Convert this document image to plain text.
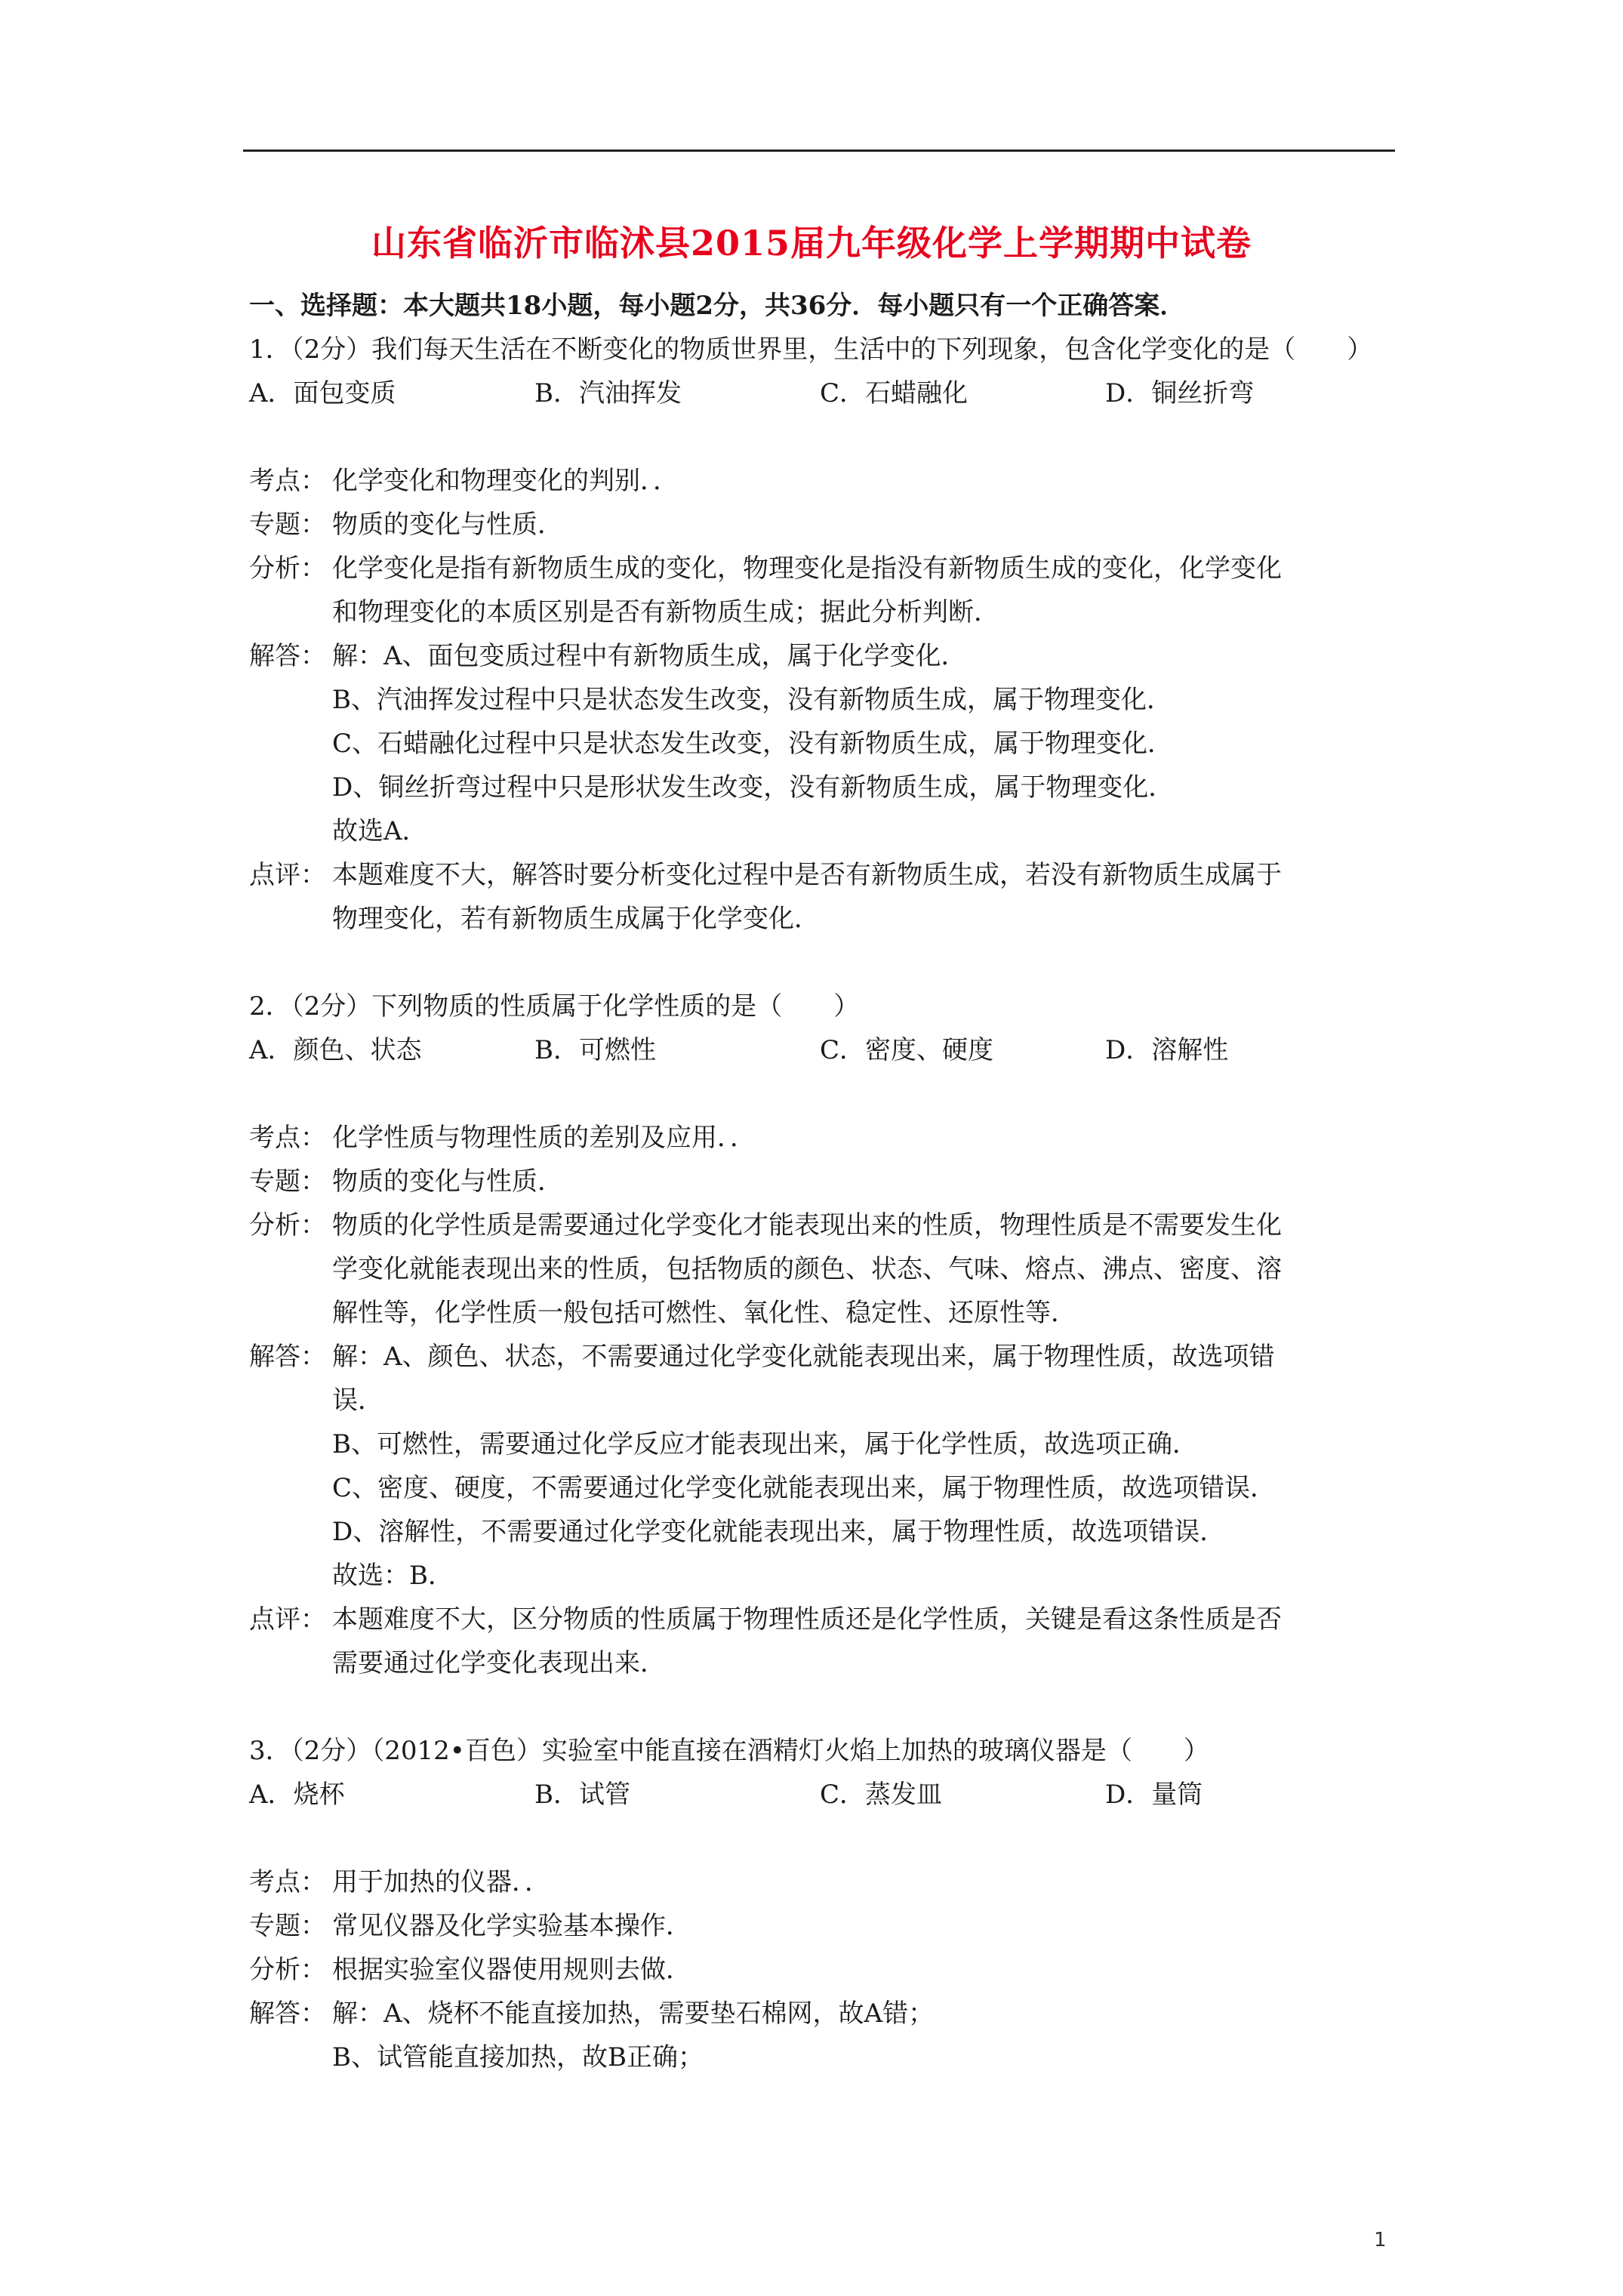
山东省临沂市临沭县2015届九年级化学上学期期中试卷
一、选择题：本大题共18小题，每小题2分，共36分．每小题只有一个正确答案．
1．（2分）我们每天生活在不断变化的物质世界里，生活中的下列现象，包含化学变化的是（　　）
A．面包变质	B．汽油挥发	C．石蜡融化	D．铜丝折弯
考点： 化学变化和物理变化的判别．．
专题： 物质的变化与性质．
分析： 化学变化是指有新物质生成的变化，物理变化是指没有新物质生成的变化，化学变化
和物理变化的本质区别是否有新物质生成；据此分析判断．
解答： 解：A、面包变质过程中有新物质生成，属于化学变化．
B、汽油挥发过程中只是状态发生改变，没有新物质生成，属于物理变化．
C、石蜡融化过程中只是状态发生改变，没有新物质生成，属于物理变化．
D、铜丝折弯过程中只是形状发生改变，没有新物质生成，属于物理变化．
故选A．
点评： 本题难度不大，解答时要分析变化过程中是否有新物质生成，若没有新物质生成属于
物理变化，若有新物质生成属于化学变化．
2．（2分）下列物质的性质属于化学性质的是（　　）
A．颜色、状态	B．可燃性	C．密度、硬度	D．溶解性
考点： 化学性质与物理性质的差别及应用．．
专题： 物质的变化与性质．
分析： 物质的化学性质是需要通过化学变化才能表现出来的性质，物理性质是不需要发生化
学变化就能表现出来的性质，包括物质的颜色、状态、气味、熔点、沸点、密度、溶
解性等，化学性质一般包括可燃性、氧化性、稳定性、还原性等．
解答： 解：A、颜色、状态，不需要通过化学变化就能表现出来，属于物理性质，故选项错
误．
B、可燃性，需要通过化学反应才能表现出来，属于化学性质，故选项正确．
C、密度、硬度，不需要通过化学变化就能表现出来，属于物理性质，故选项错误．
D、溶解性，不需要通过化学变化就能表现出来，属于物理性质，故选项错误．
故选：B．
点评： 本题难度不大，区分物质的性质属于物理性质还是化学性质，关键是看这条性质是否
需要通过化学变化表现出来．
3．（2分）（2012•百色）实验室中能直接在酒精灯火焰上加热的玻璃仪器是（　　）
A．烧杯	B．试管	C．蒸发皿	D．量筒
考点： 用于加热的仪器．．
专题： 常见仪器及化学实验基本操作．
分析： 根据实验室仪器使用规则去做．
解答： 解：A、烧杯不能直接加热，需要垫石棉网，故A错；
B、试管能直接加热，故B正确；
1
